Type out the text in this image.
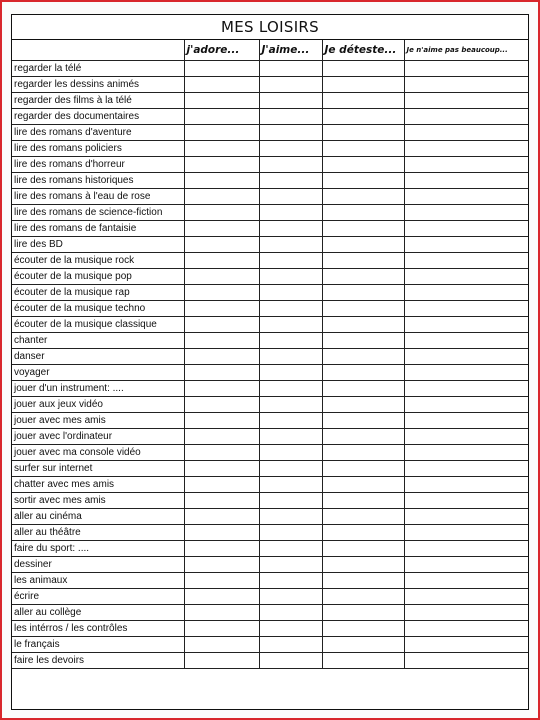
MES LOISIRS
	j'adore...	J'aime...	Je déteste...	Je n'aime pas beaucoup...
regarder la télé				
regarder les dessins animés				
regarder des films à la télé				
regarder des documentaires				
lire des romans d'aventure				
lire des romans policiers				
lire des romans d'horreur				
lire des romans historiques				
lire des romans à l'eau de rose				
lire des romans de science-fiction				
lire des romans de fantaisie				
lire des BD				
écouter de la musique rock				
écouter de la musique pop				
écouter de la musique rap				
écouter de la musique techno				
écouter de la musique classique				
chanter				
danser				
voyager				
jouer d'un instrument: ....				
jouer aux jeux vidéo				
jouer avec mes amis				
jouer avec l'ordinateur				
jouer avec ma console vidéo				
surfer sur internet				
chatter avec mes amis				
sortir avec mes amis				
aller au cinéma				
aller au théâtre				
faire du sport: ....				
dessiner				
les animaux				
écrire				
aller au collège				
les intérros / les contrôles				
le français				
faire les devoirs				
